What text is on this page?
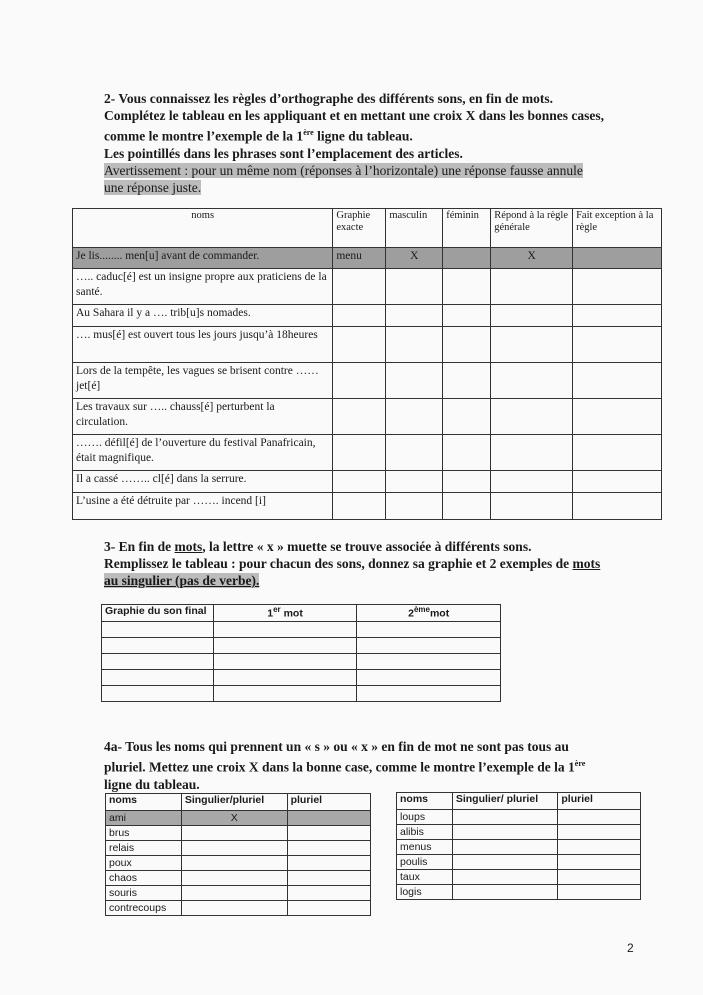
2- Vous connaissez les règles d’orthographe des différents sons, en fin de mots.
Complétez le tableau en les appliquant et en mettant une croix X dans les bonnes cases,
comme le montre l’exemple de la 1ère ligne du tableau.
Les pointillés dans les phrases sont l’emplacement des articles.
Avertissement : pour un même nom (réponses à l’horizontale) une réponse fausse annule
une réponse juste.
noms	Graphie exacte	masculin	féminin	Répond à la règle générale	Fait exception à la règle
Je lis........ men[u] avant de commander.	menu	X		X	
….. caduc[é] est un insigne propre aux praticiens de la santé.					
Au Sahara il y a …. trib[u]s nomades.					
…. mus[é] est ouvert tous les jours jusqu’à 18heures					
Lors de la tempête, les vagues se brisent contre …… jet[é]					
Les travaux sur ….. chauss[é] perturbent la circulation.					
……. défil[é] de l’ouverture du festival Panafricain, était magnifique.					
Il a cassé …….. cl[é] dans la serrure.					
L’usine a été détruite par ……. incend [i]					
3- En fin de mots, la lettre « x » muette se trouve associée à différents sons.
Remplissez le tableau : pour chacun des sons, donnez sa graphie et 2 exemples de mots
au singulier (pas de verbe).
Graphie du son final	1er mot	2èmemot

4a- Tous les noms qui prennent un « s » ou « x » en fin de mot ne sont pas tous au
pluriel. Mettez une croix X dans la bonne case, comme le montre l’exemple de la 1ère
ligne du tableau.
noms	Singulier/pluriel	pluriel
ami	X	
brus		
relais		
poux		
chaos		
souris		
contrecoups		
noms	Singulier/ pluriel	pluriel
loups		
alibis		
menus		
poulis		
taux		
logis		
2
